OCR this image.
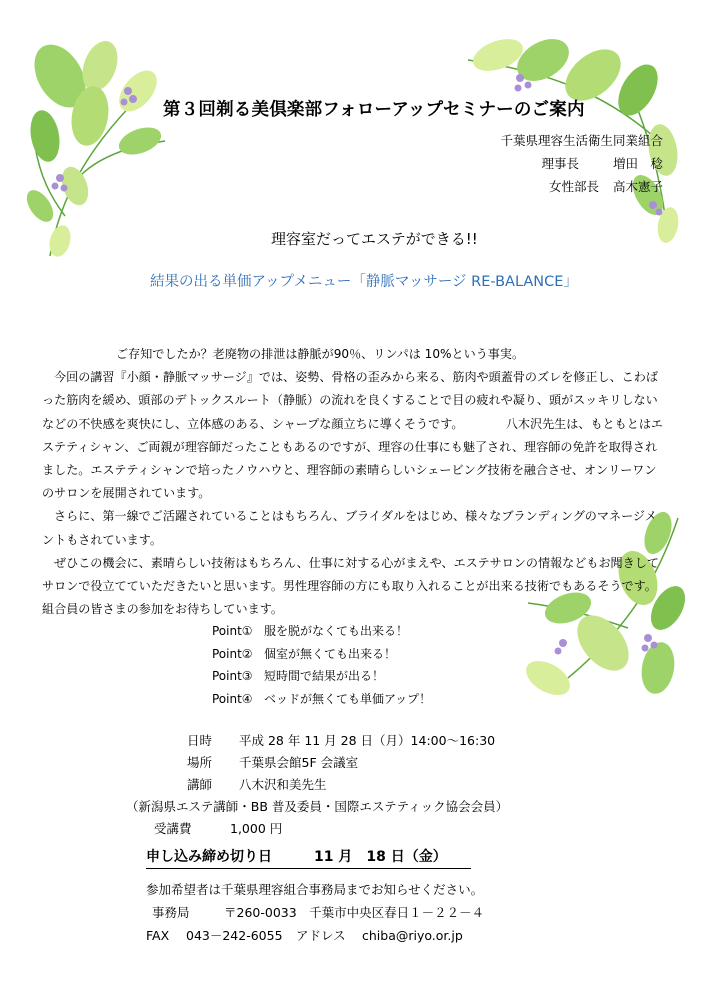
第３回剃る美倶楽部フォローアップセミナーのご案内
千葉県理容生活衛生同業組合
理事長	増田　稔
女性部長 高木憲子
理容室だってエステができる!!
結果の出る単価アップメニュー「静脈マッサージ RE-BALANCE」

ご存知でしたか？老廃物の排泄は静脈が90％、リンパは 10%という事実。

今回の講習『小顔・静脈マッサージ』では、姿勢、骨格の歪みから来る、筋肉や頭蓋骨のズレを修正し、こわばった筋肉を緩め、頭部のデトックスルート（静脈）の流れを良くすることで目の疲れや凝り、頭がスッキリしないなどの不快感を爽快にし、立体感のある、シャープな顔立ちに導くそうです。　　　　八木沢先生は、もともとはエステティシャン、ご両親が理容師だったこともあるのですが、理容の仕事にも魅了され、理容師の免許を取得されました。エステティシャンで培ったノウハウと、理容師の素晴らしいシェービング技術を融合させ、オンリーワンのサロンを展開されています。

さらに、第一線でご活躍されていることはもちろん、ブライダルをはじめ、様々なブランディングのマネージメントもされています。

ぜひこの機会に、素晴らしい技術はもちろん、仕事に対する心がまえや、エステサロンの情報などもお聞きしてサロンで役立てていただきたいと思います。男性理容師の方にも取り入れることが出来る技術でもあるそうです。組合員の皆さまの参加をお待ちしています。

Point① 服を脱がなくても出来る！
Point② 個室が無くても出来る！
Point③ 短時間で結果が出る！
Point④ ベッドが無くても単価アップ！
日時 平成 28 年 11 月 28 日（月）14:00～16:30
場所 千葉県会館5F 会議室
講師 八木沢和美先生
（新潟県エステ講師・BB 普及委員・国際エステティック協会会員）
受講費	1,000 円
申し込み締め切り日	11 月　18 日（金）
参加希望者は千葉県理容組合事務局までお知らせください。
事務局	〒260-0033　千葉市中央区春日１－２２－４
FAX 043－242-6055 アドレス chiba@riyo.or.jp
